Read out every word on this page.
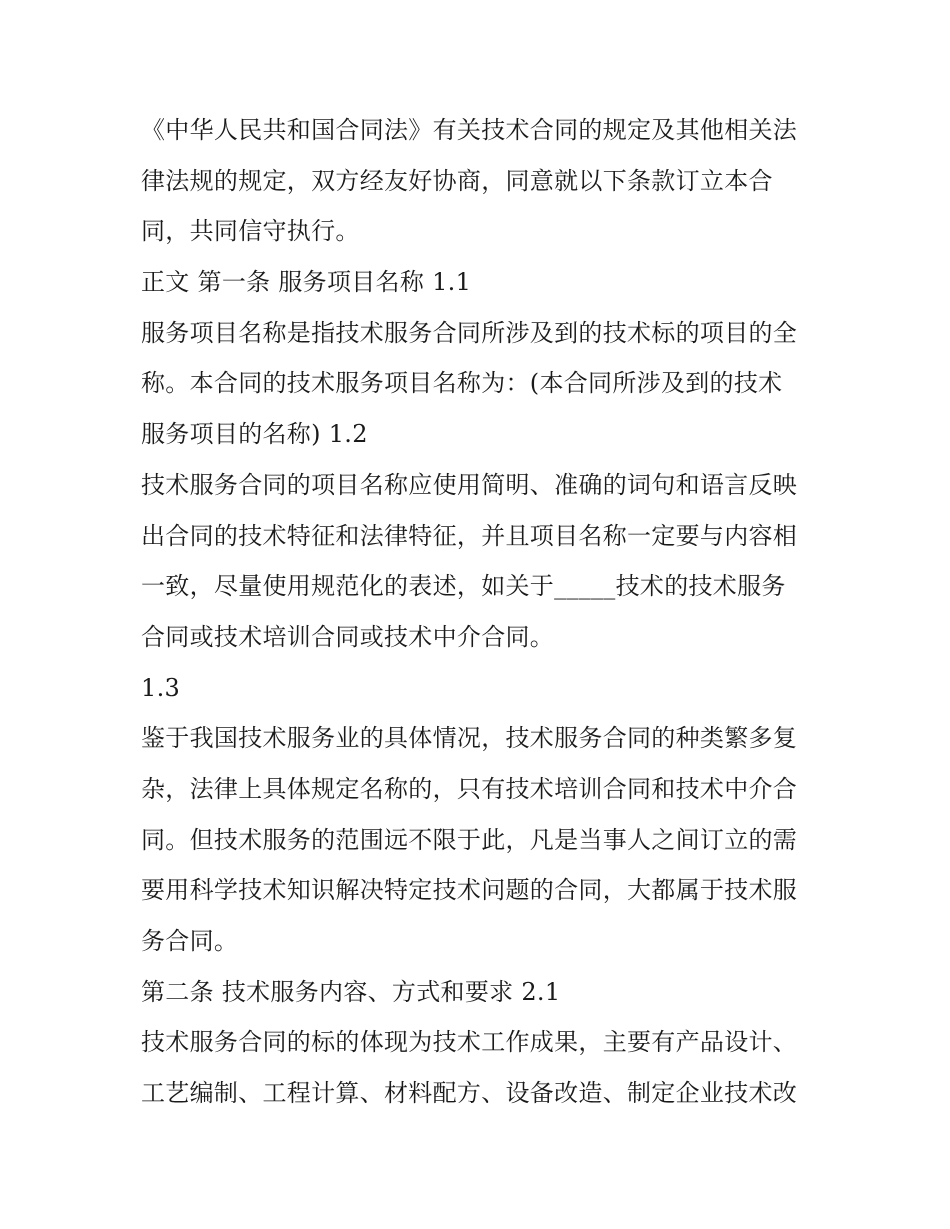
《中华人民共和国合同法》有关技术合同的规定及其他相关法
律法规的规定，双方经友好协商，同意就以下条款订立本合
同，共同信守执行。
正文 第一条 服务项目名称 1.1
服务项目名称是指技术服务合同所涉及到的技术标的项目的全
称。本合同的技术服务项目名称为：(本合同所涉及到的技术
服务项目的名称) 1.2
技术服务合同的项目名称应使用简明、准确的词句和语言反映
出合同的技术特征和法律特征，并且项目名称一定要与内容相
一致，尽量使用规范化的表述，如关于_____技术的技术服务
合同或技术培训合同或技术中介合同。
1.3
鉴于我国技术服务业的具体情况，技术服务合同的种类繁多复
杂，法律上具体规定名称的，只有技术培训合同和技术中介合
同。但技术服务的范围远不限于此，凡是当事人之间订立的需
要用科学技术知识解决特定技术问题的合同，大都属于技术服
务合同。
第二条 技术服务内容、方式和要求 2.1
技术服务合同的标的体现为技术工作成果，主要有产品设计、
工艺编制、工程计算、材料配方、设备改造、制定企业技术改
